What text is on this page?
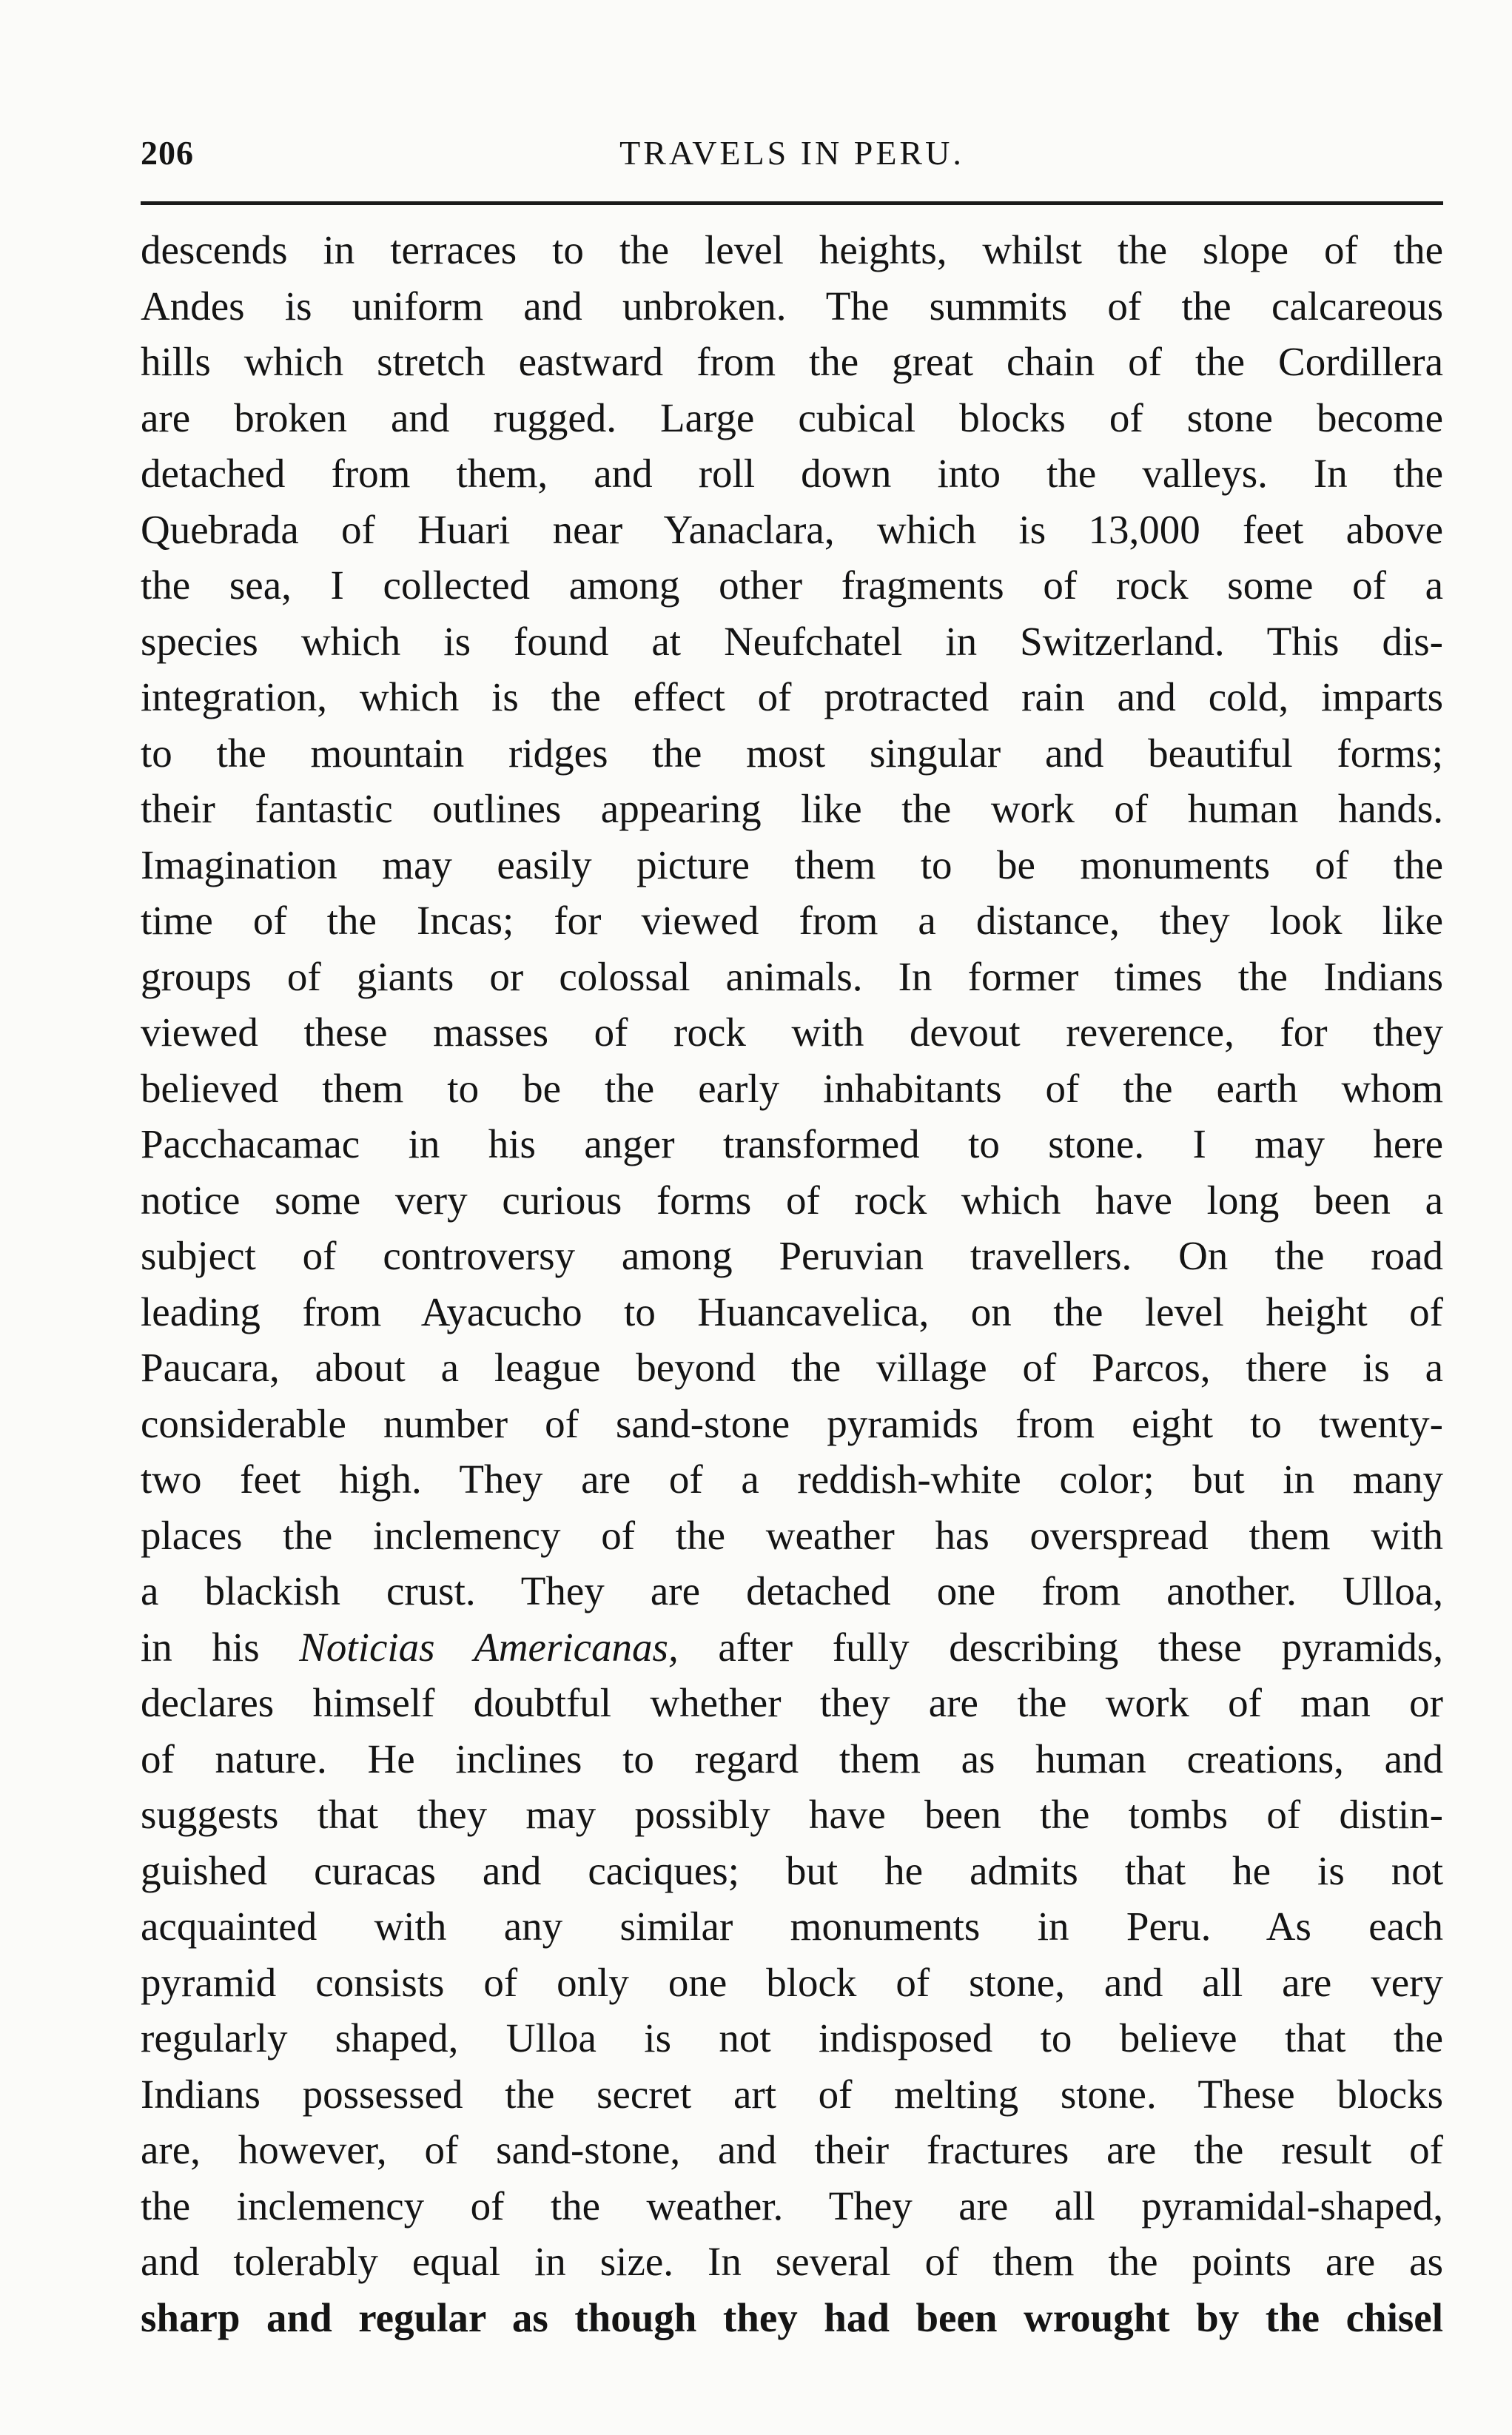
206	TRAVELS IN PERU.
descends in terraces to the level heights, whilst the slope of the
Andes is uniform and unbroken. The summits of the calcareous
hills which stretch eastward from the great chain of the Cordillera
are broken and rugged. Large cubical blocks of stone become
detached from them, and roll down into the valleys. In the
Quebrada of Huari near Yanaclara, which is 13,000 feet above
the sea, I collected among other fragments of rock some of a
species which is found at Neufchatel in Switzerland. This dis-
integration, which is the effect of protracted rain and cold, imparts
to the mountain ridges the most singular and beautiful forms;
their fantastic outlines appearing like the work of human hands.
Imagination may easily picture them to be monuments of the
time of the Incas; for viewed from a distance, they look like
groups of giants or colossal animals. In former times the Indians
viewed these masses of rock with devout reverence, for they
believed them to be the early inhabitants of the earth whom
Pacchacamac in his anger transformed to stone. I may here
notice some very curious forms of rock which have long been a
subject of controversy among Peruvian travellers. On the road
leading from Ayacucho to Huancavelica, on the level height of
Paucara, about a league beyond the village of Parcos, there is a
considerable number of sand-stone pyramids from eight to twenty-
two feet high. They are of a reddish-white color; but in many
places the inclemency of the weather has overspread them with
a blackish crust. They are detached one from another. Ulloa,
in his Noticias Americanas, after fully describing these pyramids,
declares himself doubtful whether they are the work of man or
of nature. He inclines to regard them as human creations, and
suggests that they may possibly have been the tombs of distin-
guished curacas and caciques; but he admits that he is not
acquainted with any similar monuments in Peru. As each
pyramid consists of only one block of stone, and all are very
regularly shaped, Ulloa is not indisposed to believe that the
Indians possessed the secret art of melting stone. These blocks
are, however, of sand-stone, and their fractures are the result of
the inclemency of the weather. They are all pyramidal-shaped,
and tolerably equal in size. In several of them the points are as
sharp and regular as though they had been wrought by the chisel
